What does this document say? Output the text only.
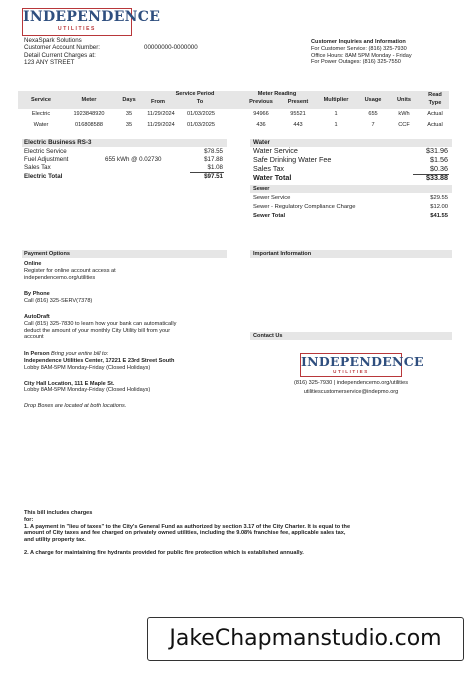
INDEPENDENCE
UTILITIES
NexaSpark Solutions
Customer Account Number:	00000000-0000000
Detail Current Charges at:
123 ANY STREET
Customer Inquiries and Information
For Customer Service: (816) 325-7930
Office Hours: 8AM 5PM Monday - Friday
For Power Outages: (816) 325-7550
Service	Meter	Days
Service Period
From	To
Meter Reading
Previous	Present	Multiplier	Usage	Units
Read
Type
Electric	1923848920	35	11/29/2024	01/03/2025	94966	95521	1	655	kWh	Actual
Water	016808588	35	11/29/2024	01/03/2025	436	443	1	7	CCF	Actual
Electric Business RS-3
Electric Service	$78.55
Fuel Adjustment	655 kWh @ 0.02730	$17.88
Sales Tax	$1.08
Electric Total	$97.51
Water
Water Service	$31.96
Safe Drinking Water Fee	$1.56
Sales Tax	$0.36
Water Total	$33.88
Sewer
Sewer Service	$29.55
Sewer - Regulatory Compliance Charge	$12.00
Sewer Total	$41.55
Payment Options
Online
Register for online account access at
independencemo.org/utilities
By Phone
Call (816) 325-SERV(7378)
AutoDraft
Call (815) 325-7830 to learn how your bank can automatically
deduct the amount of your monthly City Utility bill from your
account
In Person Bring your entire bill to:
Independence Utilities Center, 17221 E 23rd Street South
Lobby 8AM-5PM Monday-Friday (Closed Holidays)
City Hall Location, 111 E Maple St.
Lobby 8AM-5PM Monday-Friday (Closed Holidays)
Drop Boxes are located at both locations.
Important Information
Contact Us
INDEPENDENCE
UTILITIES
(816) 325-7930 | independencemo.org/utilities
utilitiescustomerservice@indepmo.org
This bill includes charges
for:
1. A payment in "lieu of taxes" to the City's General Fund as authorized by section 3.17 of the City Charter. It is equal to the
amount of City taxes and fee charged on privately owned utilities, including the 9.08% franchise fee, applicable sales tax,
and utility property tax.
2. A charge for maintaining fire hydrants provided for public fire protection which is established annually.
JakeChapmanstudio.com
